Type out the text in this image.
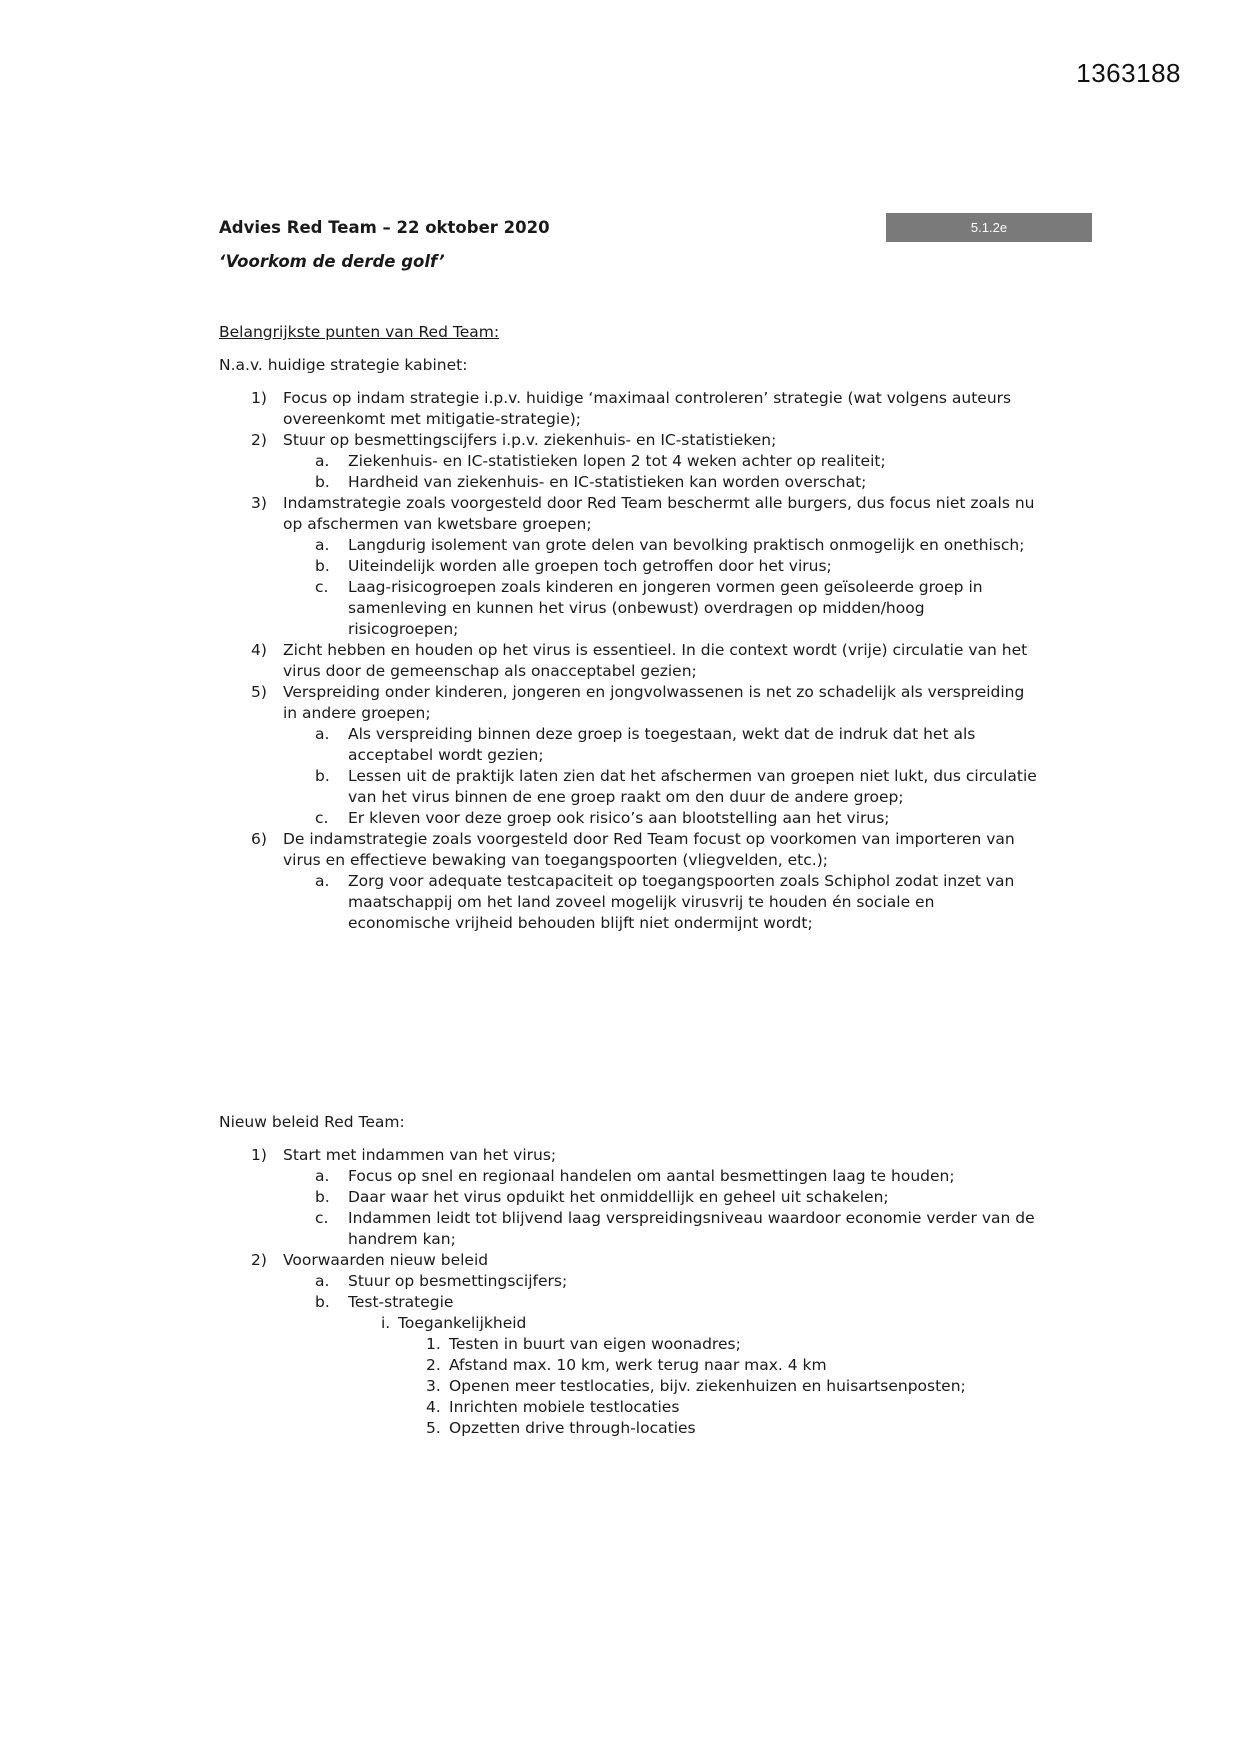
1363188
5.1.2e
Advies Red Team – 22 oktober 2020
‘Voorkom de derde golf’

Belangrijkste punten van Red Team:

N.a.v. huidige strategie kabinet:

1) Focus op indam strategie i.p.v. huidige ‘maximaal controleren’ strategie (wat volgens auteurs overeenkomt met mitigatie-strategie);
2) Stuur op besmettingscijfers i.p.v. ziekenhuis- en IC-statistieken;
a. Ziekenhuis- en IC-statistieken lopen 2 tot 4 weken achter op realiteit;
b. Hardheid van ziekenhuis- en IC-statistieken kan worden overschat;
3) Indamstrategie zoals voorgesteld door Red Team beschermt alle burgers, dus focus niet zoals nu op afschermen van kwetsbare groepen;
a. Langdurig isolement van grote delen van bevolking praktisch onmogelijk en onethisch;
b. Uiteindelijk worden alle groepen toch getroffen door het virus;
c. Laag-risicogroepen zoals kinderen en jongeren vormen geen geïsoleerde groep in samenleving en kunnen het virus (onbewust) overdragen op midden/hoog risicogroepen;
4) Zicht hebben en houden op het virus is essentieel. In die context wordt (vrije) circulatie van het virus door de gemeenschap als onacceptabel gezien;
5) Verspreiding onder kinderen, jongeren en jongvolwassenen is net zo schadelijk als verspreiding in andere groepen;
a. Als verspreiding binnen deze groep is toegestaan, wekt dat de indruk dat het als acceptabel wordt gezien;
b. Lessen uit de praktijk laten zien dat het afschermen van groepen niet lukt, dus circulatie van het virus binnen de ene groep raakt om den duur de andere groep;
c. Er kleven voor deze groep ook risico’s aan blootstelling aan het virus;
6) De indamstrategie zoals voorgesteld door Red Team focust op voorkomen van importeren van virus en effectieve bewaking van toegangspoorten (vliegvelden, etc.);
a. Zorg voor adequate testcapaciteit op toegangspoorten zoals Schiphol zodat inzet van maatschappij om het land zoveel mogelijk virusvrij te houden én sociale en economische vrijheid behouden blijft niet ondermijnt wordt;

Nieuw beleid Red Team:

1) Start met indammen van het virus;
a. Focus op snel en regionaal handelen om aantal besmettingen laag te houden;
b. Daar waar het virus opduikt het onmiddellijk en geheel uit schakelen;
c. Indammen leidt tot blijvend laag verspreidingsniveau waardoor economie verder van de handrem kan;
2) Voorwaarden nieuw beleid
a. Stuur op besmettingscijfers;
b. Test-strategie
i. Toegankelijkheid
1. Testen in buurt van eigen woonadres;
2. Afstand max. 10 km, werk terug naar max. 4 km
3. Openen meer testlocaties, bijv. ziekenhuizen en huisartsenposten;
4. Inrichten mobiele testlocaties
5. Opzetten drive through-locaties
